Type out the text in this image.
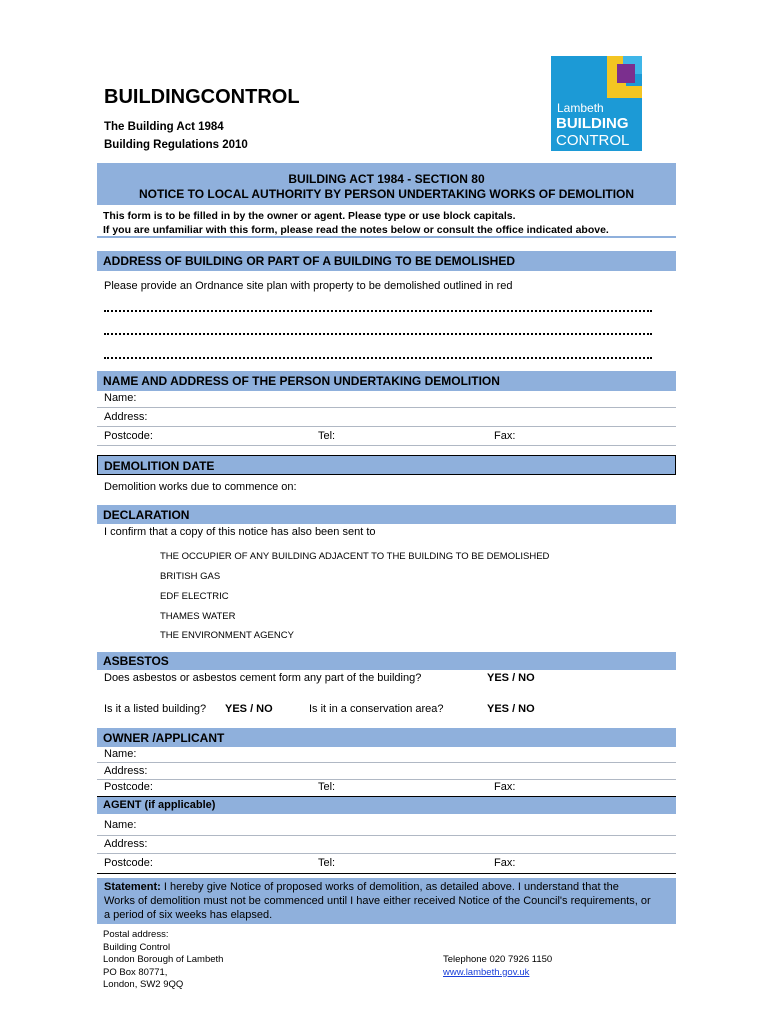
BUILDINGCONTROL
The Building Act 1984
Building Regulations 2010
Lambeth
BUILDING
CONTROL
BUILDING ACT 1984 - SECTION 80
NOTICE TO LOCAL AUTHORITY BY PERSON UNDERTAKING WORKS OF DEMOLITION
This form is to be filled in by the owner or agent. Please type or use block capitals.
If you are unfamiliar with this form, please read the notes below or consult the office indicated above.
ADDRESS OF BUILDING OR PART OF A BUILDING TO BE DEMOLISHED
Please provide an Ordnance site plan with property to be demolished outlined in red
NAME AND ADDRESS OF THE PERSON UNDERTAKING DEMOLITION
Name:
Address:
Postcode:	Tel:	Fax:
DEMOLITION DATE
Demolition works due to commence on:
DECLARATION
I confirm that a copy of this notice has also been sent to
THE OCCUPIER OF ANY BUILDING ADJACENT TO THE BUILDING TO BE DEMOLISHED
BRITISH GAS
EDF ELECTRIC
THAMES WATER
THE ENVIRONMENT AGENCY
ASBESTOS
Does asbestos or asbestos cement form any part of the building?	YES / NO
Is it a listed building? YES / NO	Is it in a conservation area?	YES / NO
OWNER /APPLICANT
Name:
Address:
Postcode:	Tel:	Fax:
AGENT (if applicable)
Name:
Address:
Postcode:	Tel:	Fax:
Statement: I hereby give Notice of proposed works of demolition, as detailed above. I understand that the
Works of demolition must not be commenced until I have either received Notice of the Council's requirements, or
a period of six weeks has elapsed.
Postal address:
Building Control
London Borough of Lambeth
PO Box 80771,
London, SW2 9QQ
Telephone 020 7926 1150
www.lambeth.gov.uk
